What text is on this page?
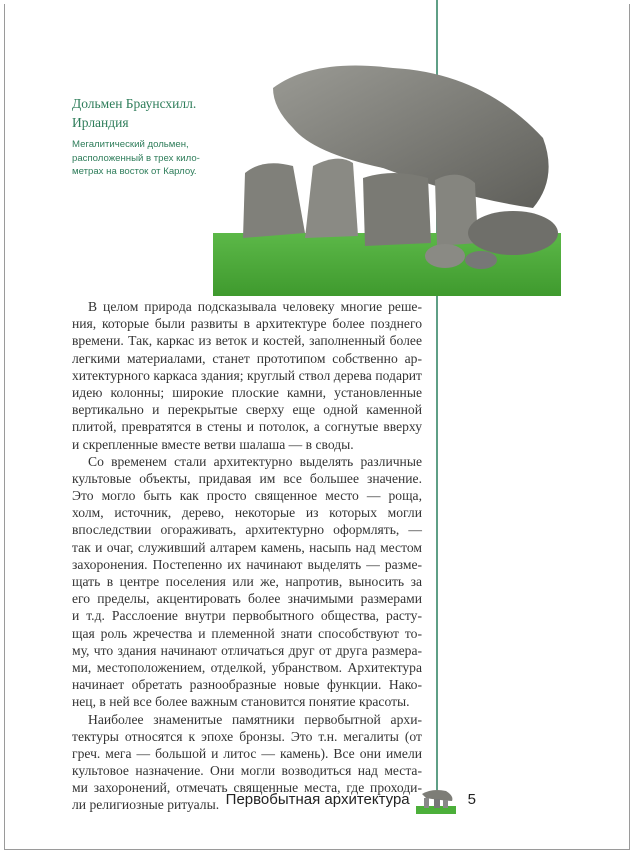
Дольмен Браунсхилл.
Ирландия
Мегалитический дольмен,
расположенный в трех кило-
метрах на восток от Карлоу.
В целом природа подсказывала человеку многие реше-
ния, которые были развиты в архитектуре более позднего
времени. Так, каркас из веток и костей, заполненный более
легкими материалами, станет прототипом собственно ар-
хитектурного каркаса здания; круглый ствол дерева подарит
идею колонны; широкие плоские камни, установленные
вертикально и перекрытые сверху еще одной каменной
плитой, превратятся в стены и потолок, а согнутые вверху
и скрепленные вместе ветви шалаша — в своды.
Со временем стали архитектурно выделять различные
культовые объекты, придавая им все большее значение.
Это могло быть как просто священное место — роща,
холм, источник, дерево, некоторые из которых могли
впоследствии огораживать, архитектурно оформлять, —
так и очаг, служивший алтарем камень, насыпь над местом
захоронения. Постепенно их начинают выделять — разме-
щать в центре поселения или же, напротив, выносить за
его пределы, акцентировать более значимыми размерами
и т.д. Расслоение внутри первобытного общества, расту-
щая роль жречества и племенной знати способствуют то-
му, что здания начинают отличаться друг от друга размера-
ми, местоположением, отделкой, убранством. Архитектура
начинает обретать разнообразные новые функции. Нако-
нец, в ней все более важным становится понятие красоты.
Наиболее знаменитые памятники первобытной архи-
тектуры относятся к эпохе бронзы. Это т.н. мегалиты (от
греч. мега — большой и литос — камень). Все они имели
культовое назначение. Они могли возводиться над места-
ми захоронений, отмечать священные места, где проходи-
ли религиозные ритуалы. Первобытная архитектура	5
